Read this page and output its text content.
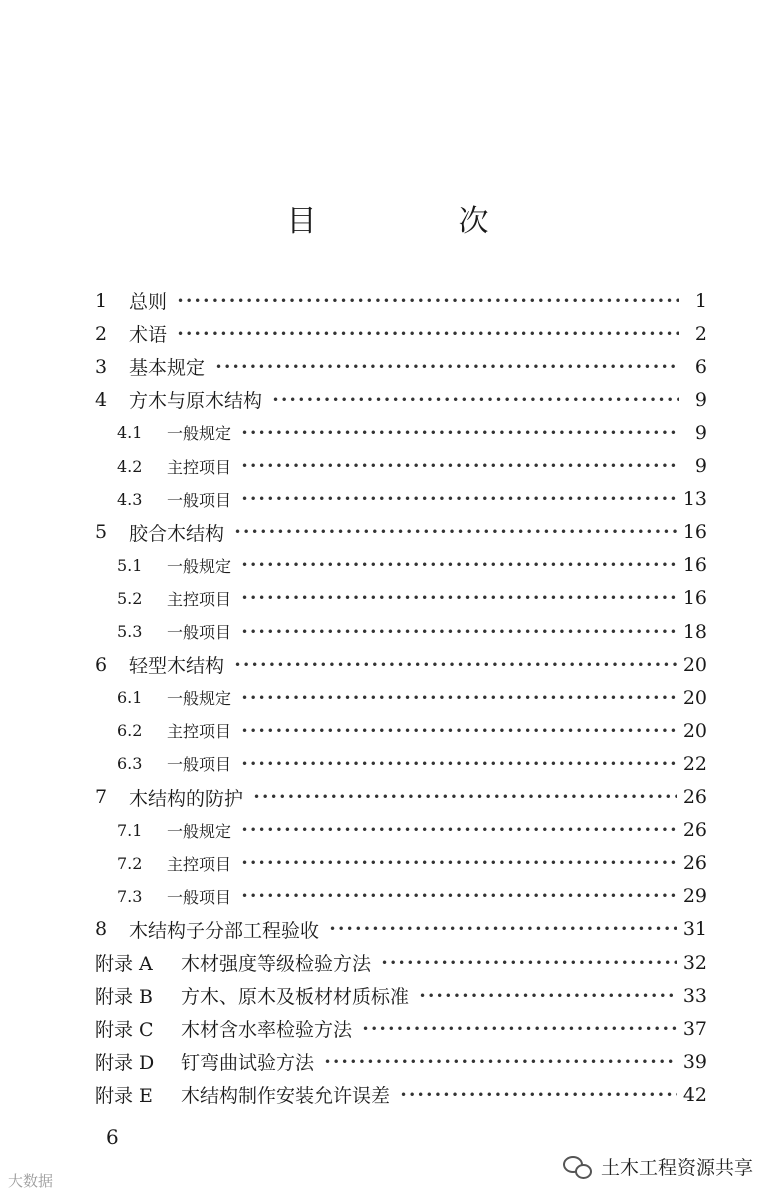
目　次
1	总则 •••••	1
2	术语 •••••	2
3	基本规定 •••••	6
4	方木与原木结构 •••••	9
4.1	一般规定 •••••	9
4.2	主控项目 •••••	9
4.3	一般项目 •••••	13
5	胶合木结构 •••••	16
5.1	一般规定 •••••	16
5.2	主控项目 •••••	16
5.3	一般项目 •••••	18
6	轻型木结构 •••••	20
6.1	一般规定 •••••	20
6.2	主控项目 •••••	20
6.3	一般项目 •••••	22
7	木结构的防护 •••••	26
7.1	一般规定 •••••	26
7.2	主控项目 •••••	26
7.3	一般项目 •••••	29
8	木结构子分部工程验收 •••••	31
附录 A	木材强度等级检验方法 •••••	32
附录 B	方木、原木及板材材质标准 •••••	33
附录 C	木材含水率检验方法 •••••	37
附录 D	钉弯曲试验方法 •••••	39
附录 E	木结构制作安装允许误差 •••••	42
6
大数据
土木工程资源共享
